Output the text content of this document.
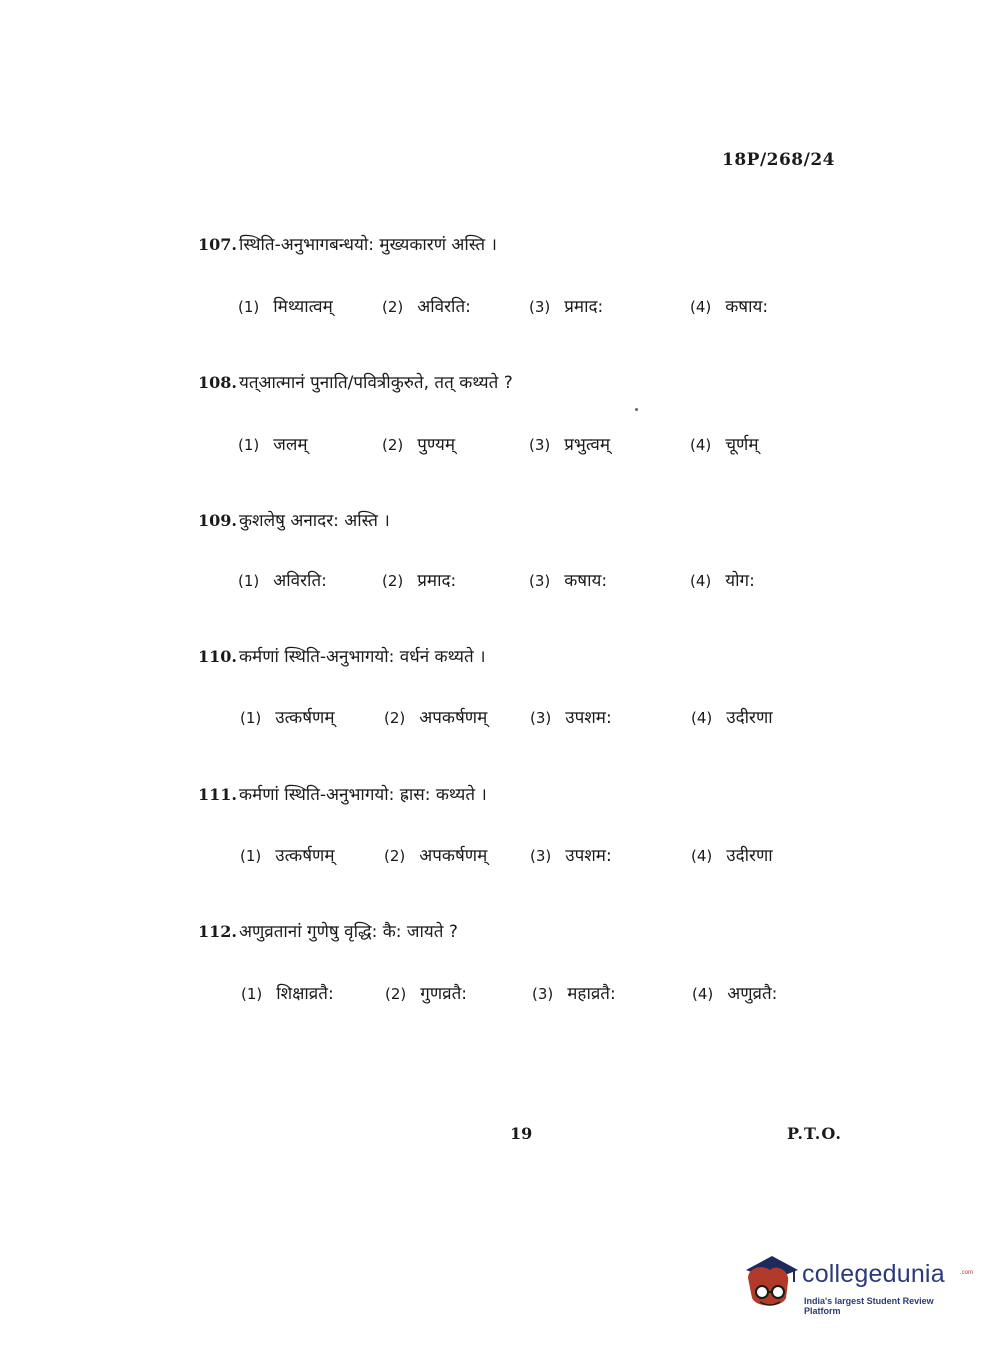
18P/268/24
107. स्थिति-अनुभागबन्धयो: मुख्यकारणं अस्ति ।
(1) मिथ्यात्वम्	(2) अविरति:	(3) प्रमाद:	(4) कषाय:
108. यत्आत्मानं पुनाति/पवित्रीकुरुते, तत् कथ्यते ?
(1) जलम्	(2) पुण्यम्	(3) प्रभुत्वम्	(4) चूर्णम्
109. कुशलेषु अनादर: अस्ति ।
(1) अविरति:	(2) प्रमाद:	(3) कषाय:	(4) योग:
110. कर्मणां स्थिति-अनुभागयो: वर्धनं कथ्यते ।
(1) उत्कर्षणम्	(2) अपकर्षणम्	(3) उपशम:	(4) उदीरणा
111. कर्मणां स्थिति-अनुभागयो: ह्रास: कथ्यते ।
(1) उत्कर्षणम्	(2) अपकर्षणम्	(3) उपशम:	(4) उदीरणा
112. अणुव्रतानां गुणेषु वृद्धि: कै: जायते ?
(1) शिक्षाव्रतै:	(2) गुणव्रतै:	(3) महाव्रतै:	(4) अणुव्रतै:
19	P.T.O.
collegedunia	.com
India's largest Student Review Platform
